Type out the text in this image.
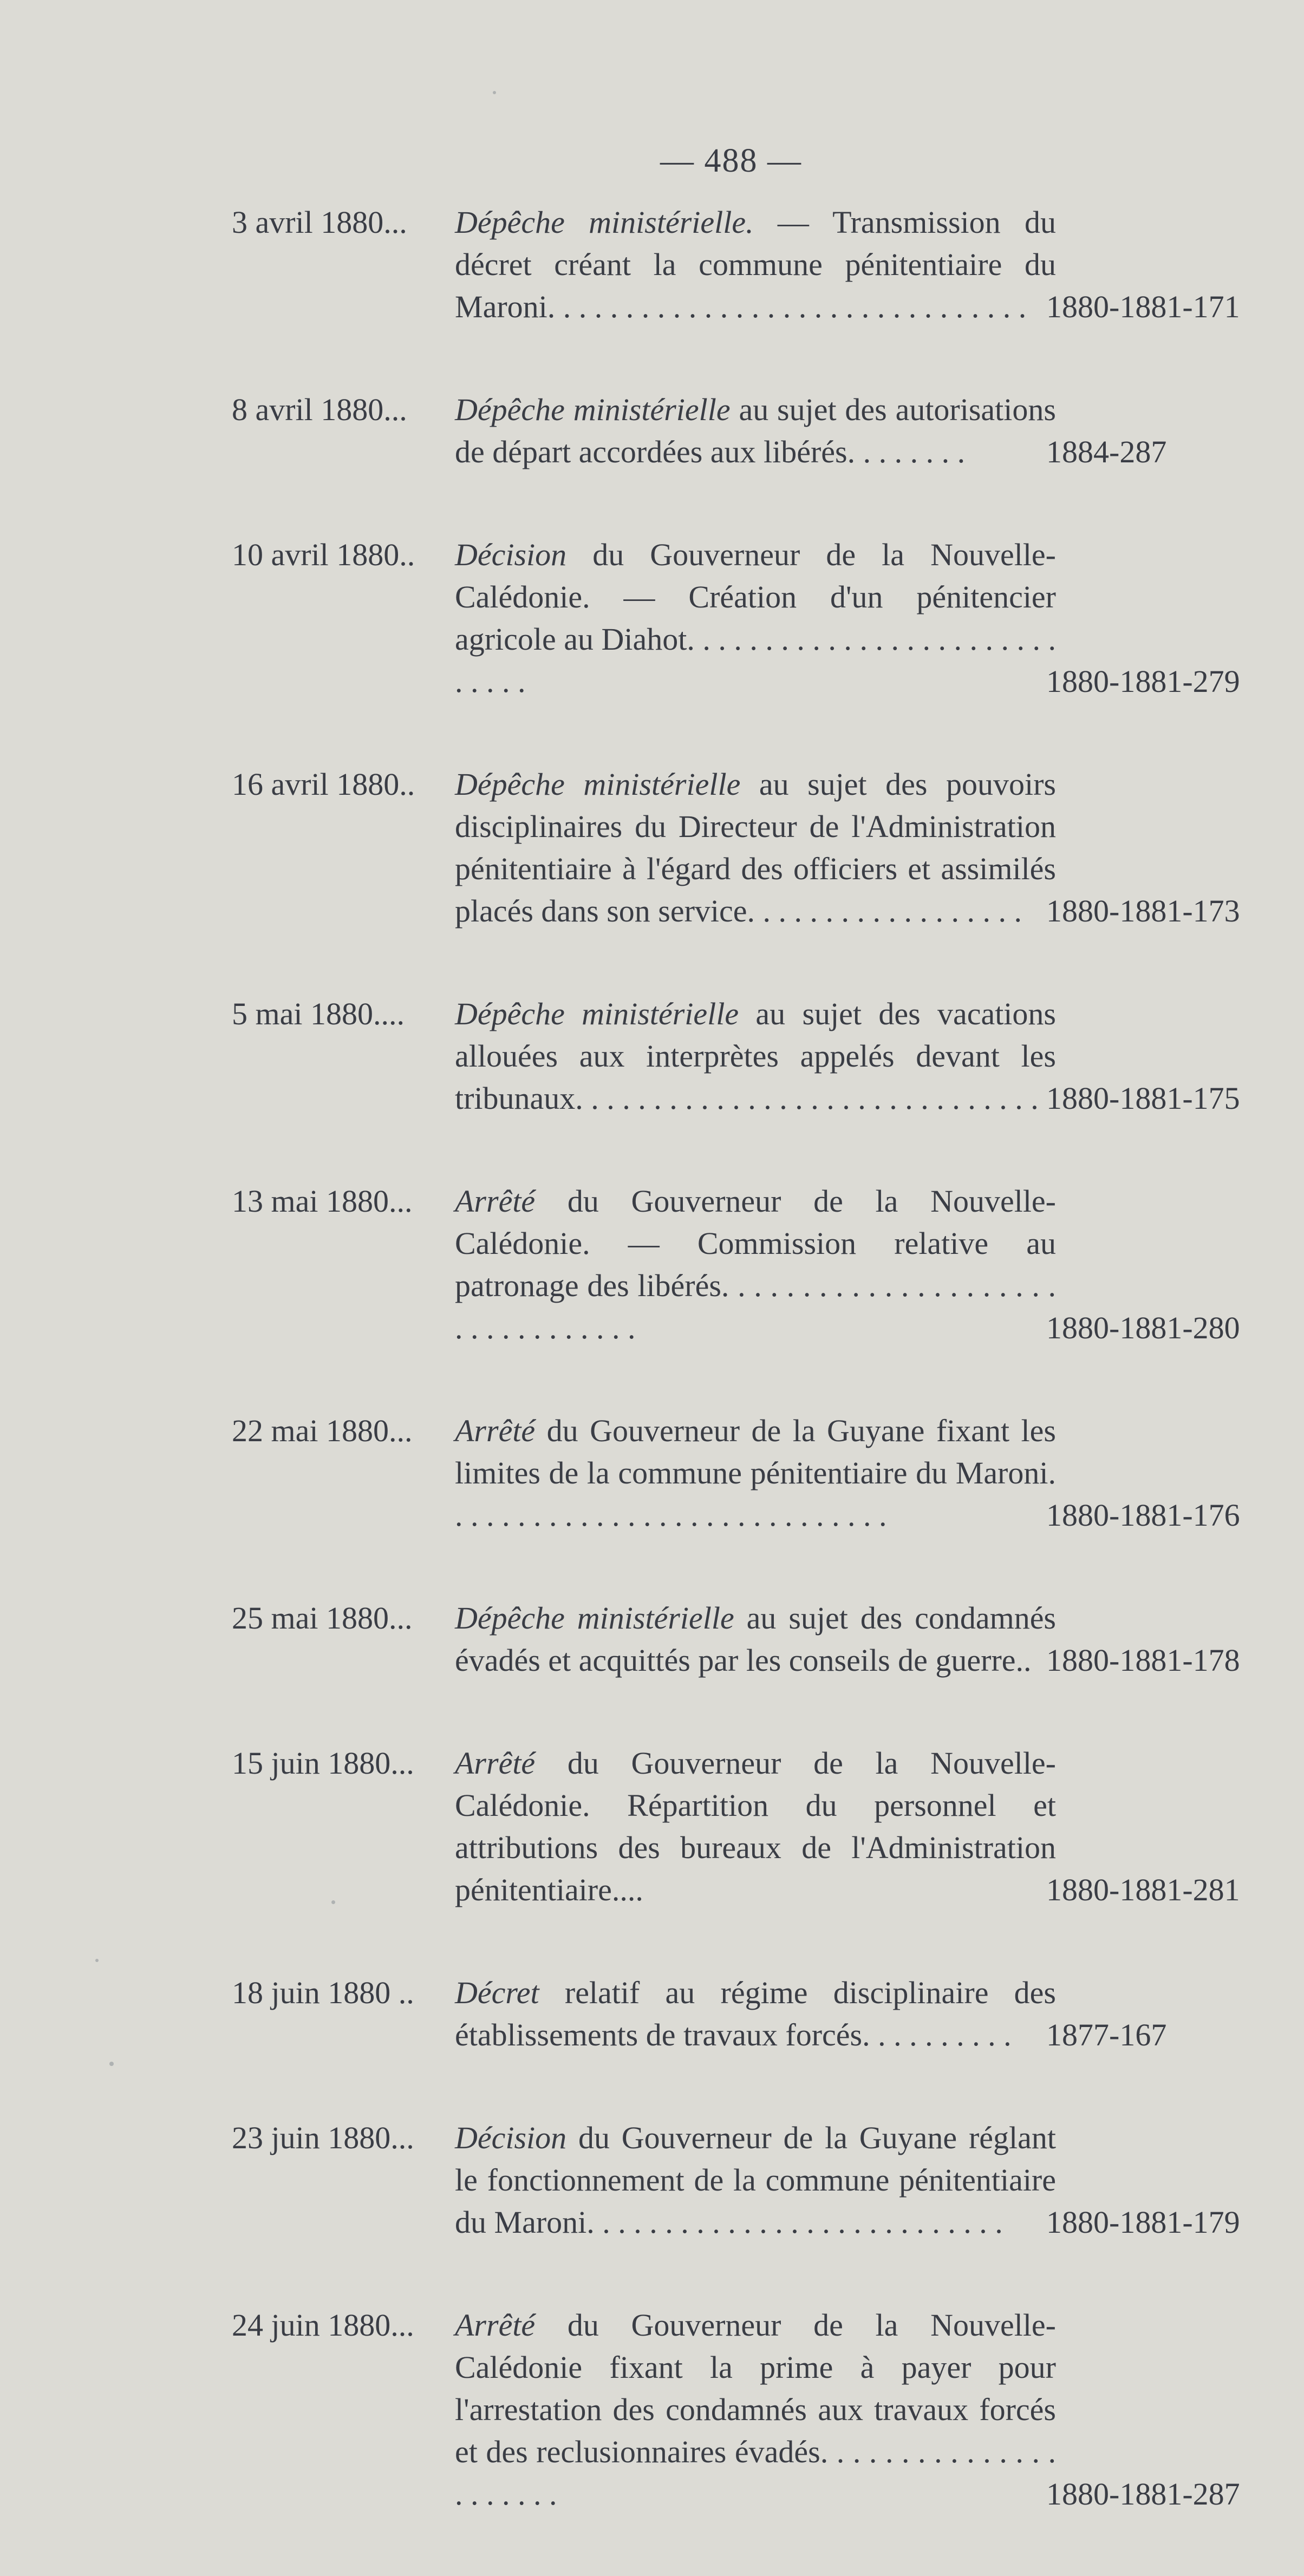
— 488 —
3 avril 1880... Dépêche ministérielle. — Transmission du décret créant la commune pénitentiaire du Maroni. . . . . . . . . . . . . . . . . . . . . . . . . . . . . . . 1880-1881-171
8 avril 1880... Dépêche ministérielle au sujet des autorisations de départ accordées aux libérés. . . . . . . .	1884-287
10 avril 1880.. Décision du Gouverneur de la Nouvelle-Calédonie. — Création d'un pénitencier agricole au Diahot. . . . . . . . . . . . . . . . . . . . . . . . . . . . .	1880-1881-279
16 avril 1880.. Dépêche ministérielle au sujet des pouvoirs disciplinaires du Directeur de l'Administration pénitentiaire à l'égard des officiers et assimilés placés dans son service. . . . . . . . . . . . . . . . . . 1880-1881-173
5 mai 1880.... Dépêche ministérielle au sujet des vacations allouées aux interprètes appelés devant les tribunaux. . . . . . . . . . . . . . . . . . . . . . . . . . . . . . 1880-1881-175
13 mai 1880... Arrêté du Gouverneur de la Nouvelle-Calédonie. — Commission relative au patronage des libérés. . . . . . . . . . . . . . . . . . . . . . . . . . . . . . . . .	1880-1881-280
22 mai 1880... Arrêté du Gouverneur de la Guyane fixant les limites de la commune pénitentiaire du Maroni. . . . . . . . . . . . . . . . . . . . . . . . . . . . .	1880-1881-176
25 mai 1880... Dépêche ministérielle au sujet des condamnés évadés et acquittés par les conseils de guerre.. 1880-1881-178
15 juin 1880... Arrêté du Gouverneur de la Nouvelle-Calédonie. Répartition du personnel et attributions des bureaux de l'Administration pénitentiaire....	1880-1881-281
18 juin 1880 .. Décret relatif au régime disciplinaire des établissements de travaux forcés. . . . . . . . . .	1877-167
23 juin 1880... Décision du Gouverneur de la Guyane réglant le fonctionnement de la commune pénitentiaire du Maroni. . . . . . . . . . . . . . . . . . . . . . . . . . .	1880-1881-179
24 juin 1880... Arrêté du Gouverneur de la Nouvelle-Calédonie fixant la prime à payer pour l'arrestation des condamnés aux travaux forcés et des reclusionnaires évadés. . . . . . . . . . . . . . . . . . . . . .	1880-1881-287
